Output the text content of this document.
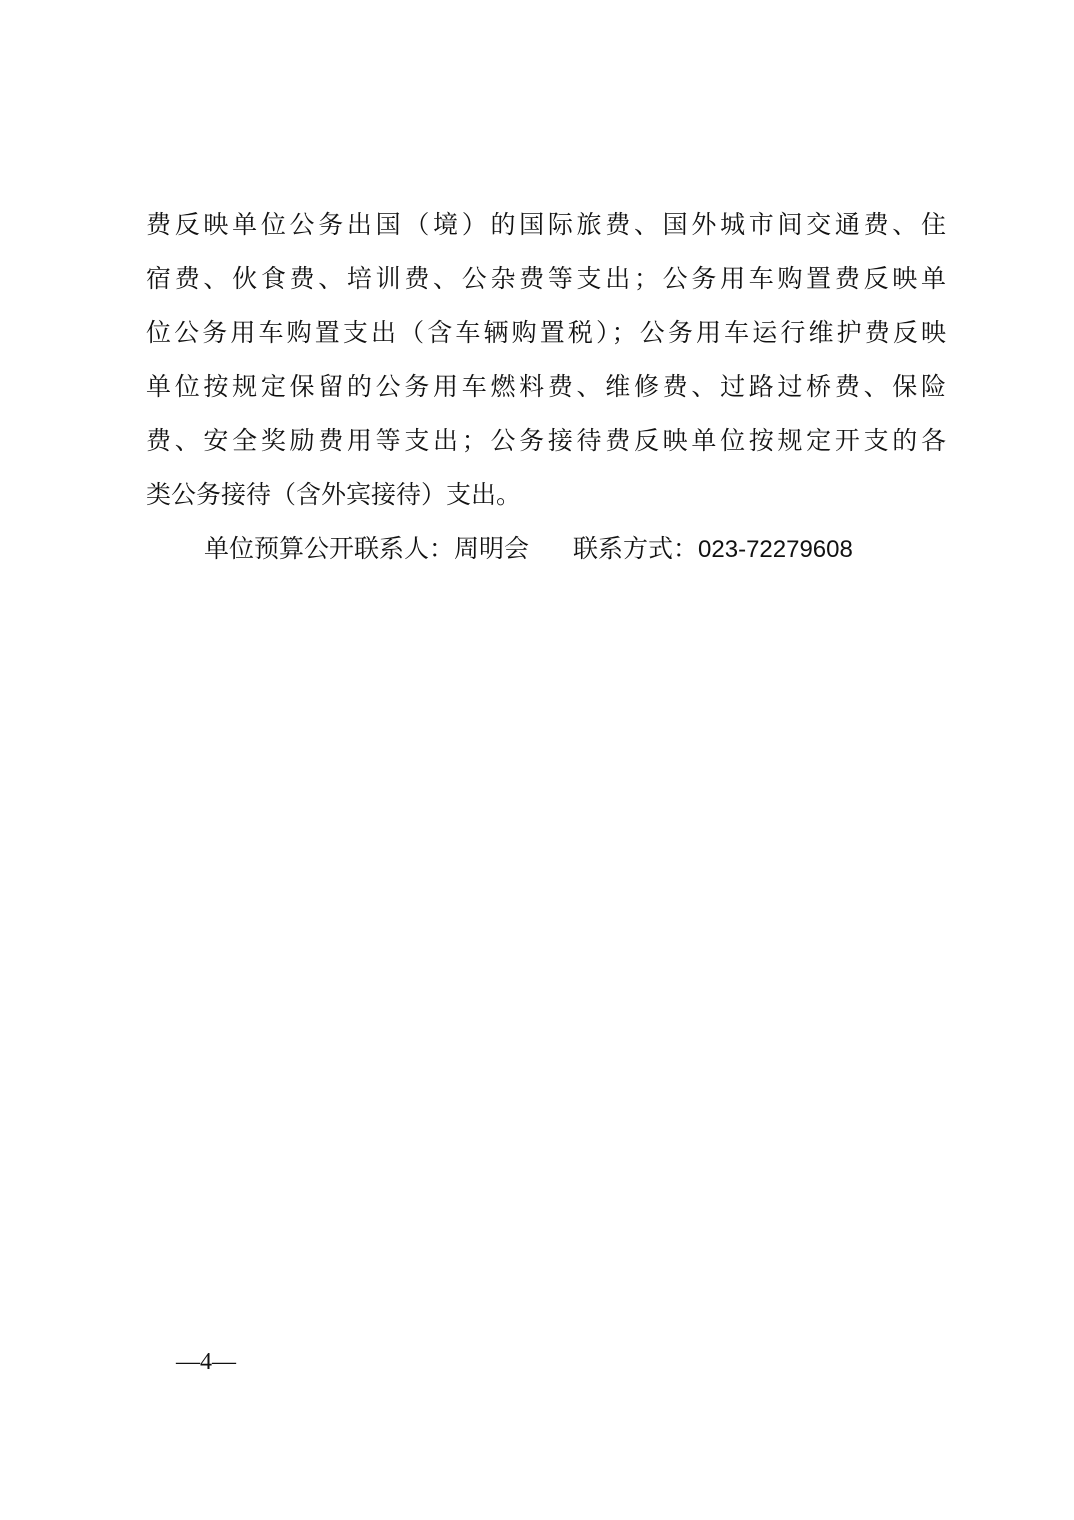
费反映单位公务出国（境）的国际旅费、国外城市间交通费、住
宿费、伙食费、培训费、公杂费等支出；公务用车购置费反映单
位公务用车购置支出（含车辆购置税）；公务用车运行维护费反映
单位按规定保留的公务用车燃料费、维修费、过路过桥费、保险
费、安全奖励费用等支出；公务接待费反映单位按规定开支的各
类公务接待（含外宾接待）支出。
单位预算公开联系人：周明会 联系方式：023-72279608
—4—
